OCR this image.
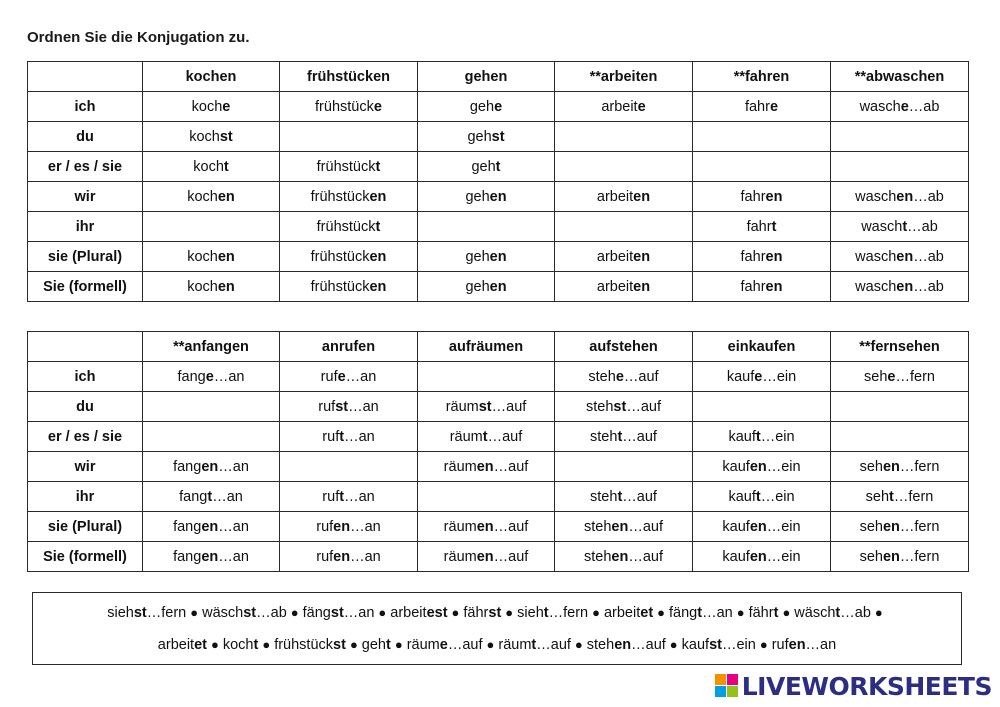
Ordnen Sie die Konjugation zu.
	kochen	frühstücken	gehen	**arbeiten	**fahren	**abwaschen
ich	koche	frühstücke	gehe	arbeite	fahre	wasche…ab
du	kochst		gehst			
er / es / sie	kocht	frühstückt	geht			
wir	kochen	frühstücken	gehen	arbeiten	fahren	waschen…ab
ihr		frühstückt			fahrt	wascht…ab
sie (Plural)	kochen	frühstücken	gehen	arbeiten	fahren	waschen…ab
Sie (formell)	kochen	frühstücken	gehen	arbeiten	fahren	waschen…ab
	**anfangen	anrufen	aufräumen	aufstehen	einkaufen	**fernsehen
ich	fange…an	rufe…an		stehe…auf	kaufe…ein	sehe…fern
du		rufst…an	räumst…auf	stehst…auf		
er / es / sie		ruft…an	räumt…auf	steht…auf	kauft…ein	
wir	fangen…an		räumen…auf		kaufen…ein	sehen…fern
ihr	fangt…an	ruft…an		steht…auf	kauft…ein	seht…fern
sie (Plural)	fangen…an	rufen…an	räumen…auf	stehen…auf	kaufen…ein	sehen…fern
Sie (formell)	fangen…an	rufen…an	räumen…auf	stehen…auf	kaufen…ein	sehen…fern
siehst…fern ● wäschst…ab ● fängst…an ● arbeitest ● fährst ● sieht…fern ● arbeitet ● fängt…an ● fährt ● wäscht…ab ●
arbeitet ● kocht ● frühstückst ● geht ● räume…auf ● räumt…auf ● stehen…auf ● kaufst…ein ● rufen…an
LIVEWORKSHEETS
